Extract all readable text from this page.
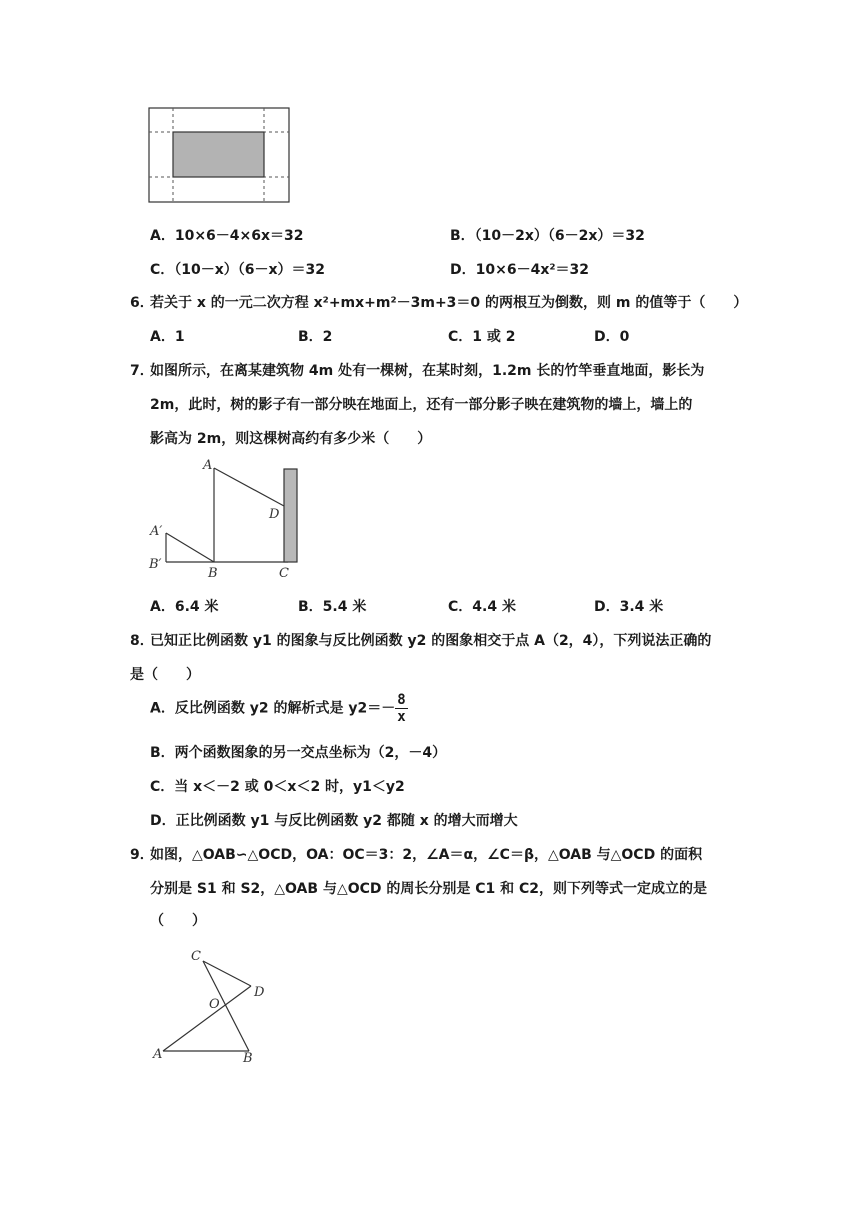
A．10×6－4×6x＝32	B．（10－2x）（6－2x）＝32
C．（10－x）（6－x）＝32	D．10×6－4x²＝32
6．
若关于 x 的一元二次方程 x²+mx+m²－3m+3＝0 的两根互为倒数，则 m 的值等于（　　）
A．1	B．2	C．1 或 2	D．0
7．
如图所示，在离某建筑物 4m 处有一棵树，在某时刻，1.2m 长的竹竿垂直地面，影长为
2m，此时，树的影子有一部分映在地面上，还有一部分影子映在建筑物的墙上，墙上的
影高为 2m，则这棵树高约有多少米（　　）
A
D
A′
B′
B	C
A．6.4 米	B．5.4 米	C．4.4 米	D．3.4 米
8．
已知正比例函数 y1 的图象与反比例函数 y2 的图象相交于点 A（2，4），下列说法正确的
是（　　）
A．反比例函数 y2 的解析式是 $y2=- \frac{8}{x}$
B．两个函数图象的另一交点坐标为（2，－4）
C．当 x＜－2 或 0＜x＜2 时，y1＜y2
D．正比例函数 y1 与反比例函数 y2 都随 x 的增大而增大
9．
如图，△OAB∽△OCD，OA：OC＝3：2，∠A＝α，∠C＝β，△OAB 与△OCD 的面积
分别是 S1 和 S2，△OAB 与△OCD 的周长分别是 C1 和 C2，则下列等式一定成立的是
（　　）
C
D
O
A	B
